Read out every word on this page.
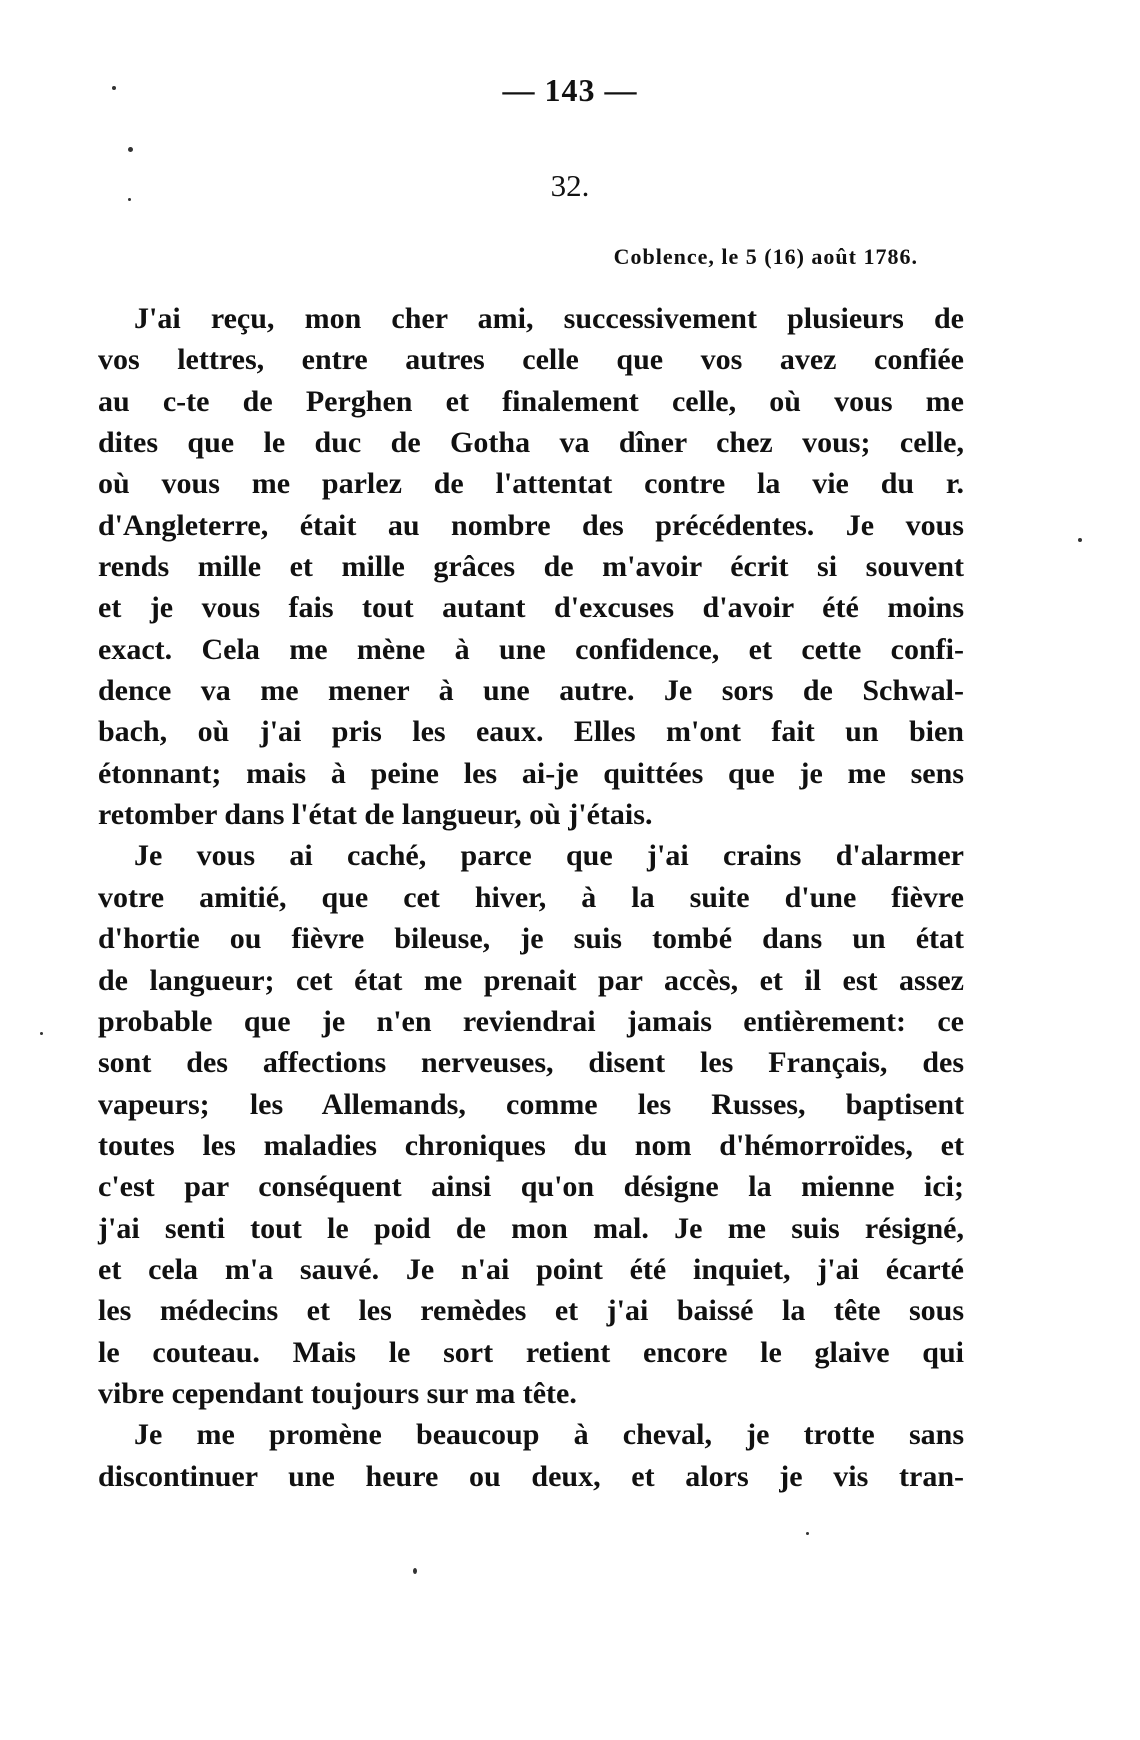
— 143 —
32.
Coblence, le 5 (16) août 1786.
J'ai reçu, mon cher ami, successivement plusieurs de
vos lettres, entre autres celle que vos avez confiée
au c-te de Perghen et finalement celle, où vous me
dites que le duc de Gotha va dîner chez vous; celle,
où vous me parlez de l'attentat contre la vie du r.
d'Angleterre, était au nombre des précédentes. Je vous
rends mille et mille grâces de m'avoir écrit si souvent
et je vous fais tout autant d'excuses d'avoir été moins
exact. Cela me mène à une confidence, et cette confi-
dence va me mener à une autre. Je sors de Schwal-
bach, où j'ai pris les eaux. Elles m'ont fait un bien
étonnant; mais à peine les ai-je quittées que je me sens
retomber dans l'état de langueur, où j'étais.
Je vous ai caché, parce que j'ai crains d'alarmer
votre amitié, que cet hiver, à la suite d'une fièvre
d'hortie ou fièvre bileuse, je suis tombé dans un état
de langueur; cet état me prenait par accès, et il est assez
probable que je n'en reviendrai jamais entièrement: ce
sont des affections nerveuses, disent les Français, des
vapeurs; les Allemands, comme les Russes, baptisent
toutes les maladies chroniques du nom d'hémorroïdes, et
c'est par conséquent ainsi qu'on désigne la mienne ici;
j'ai senti tout le poid de mon mal. Je me suis résigné,
et cela m'a sauvé. Je n'ai point été inquiet, j'ai écarté
les médecins et les remèdes et j'ai baissé la tête sous
le couteau. Mais le sort retient encore le glaive qui
vibre cependant toujours sur ma tête.
Je me promène beaucoup à cheval, je trotte sans
discontinuer une heure ou deux, et alors je vis tran-
